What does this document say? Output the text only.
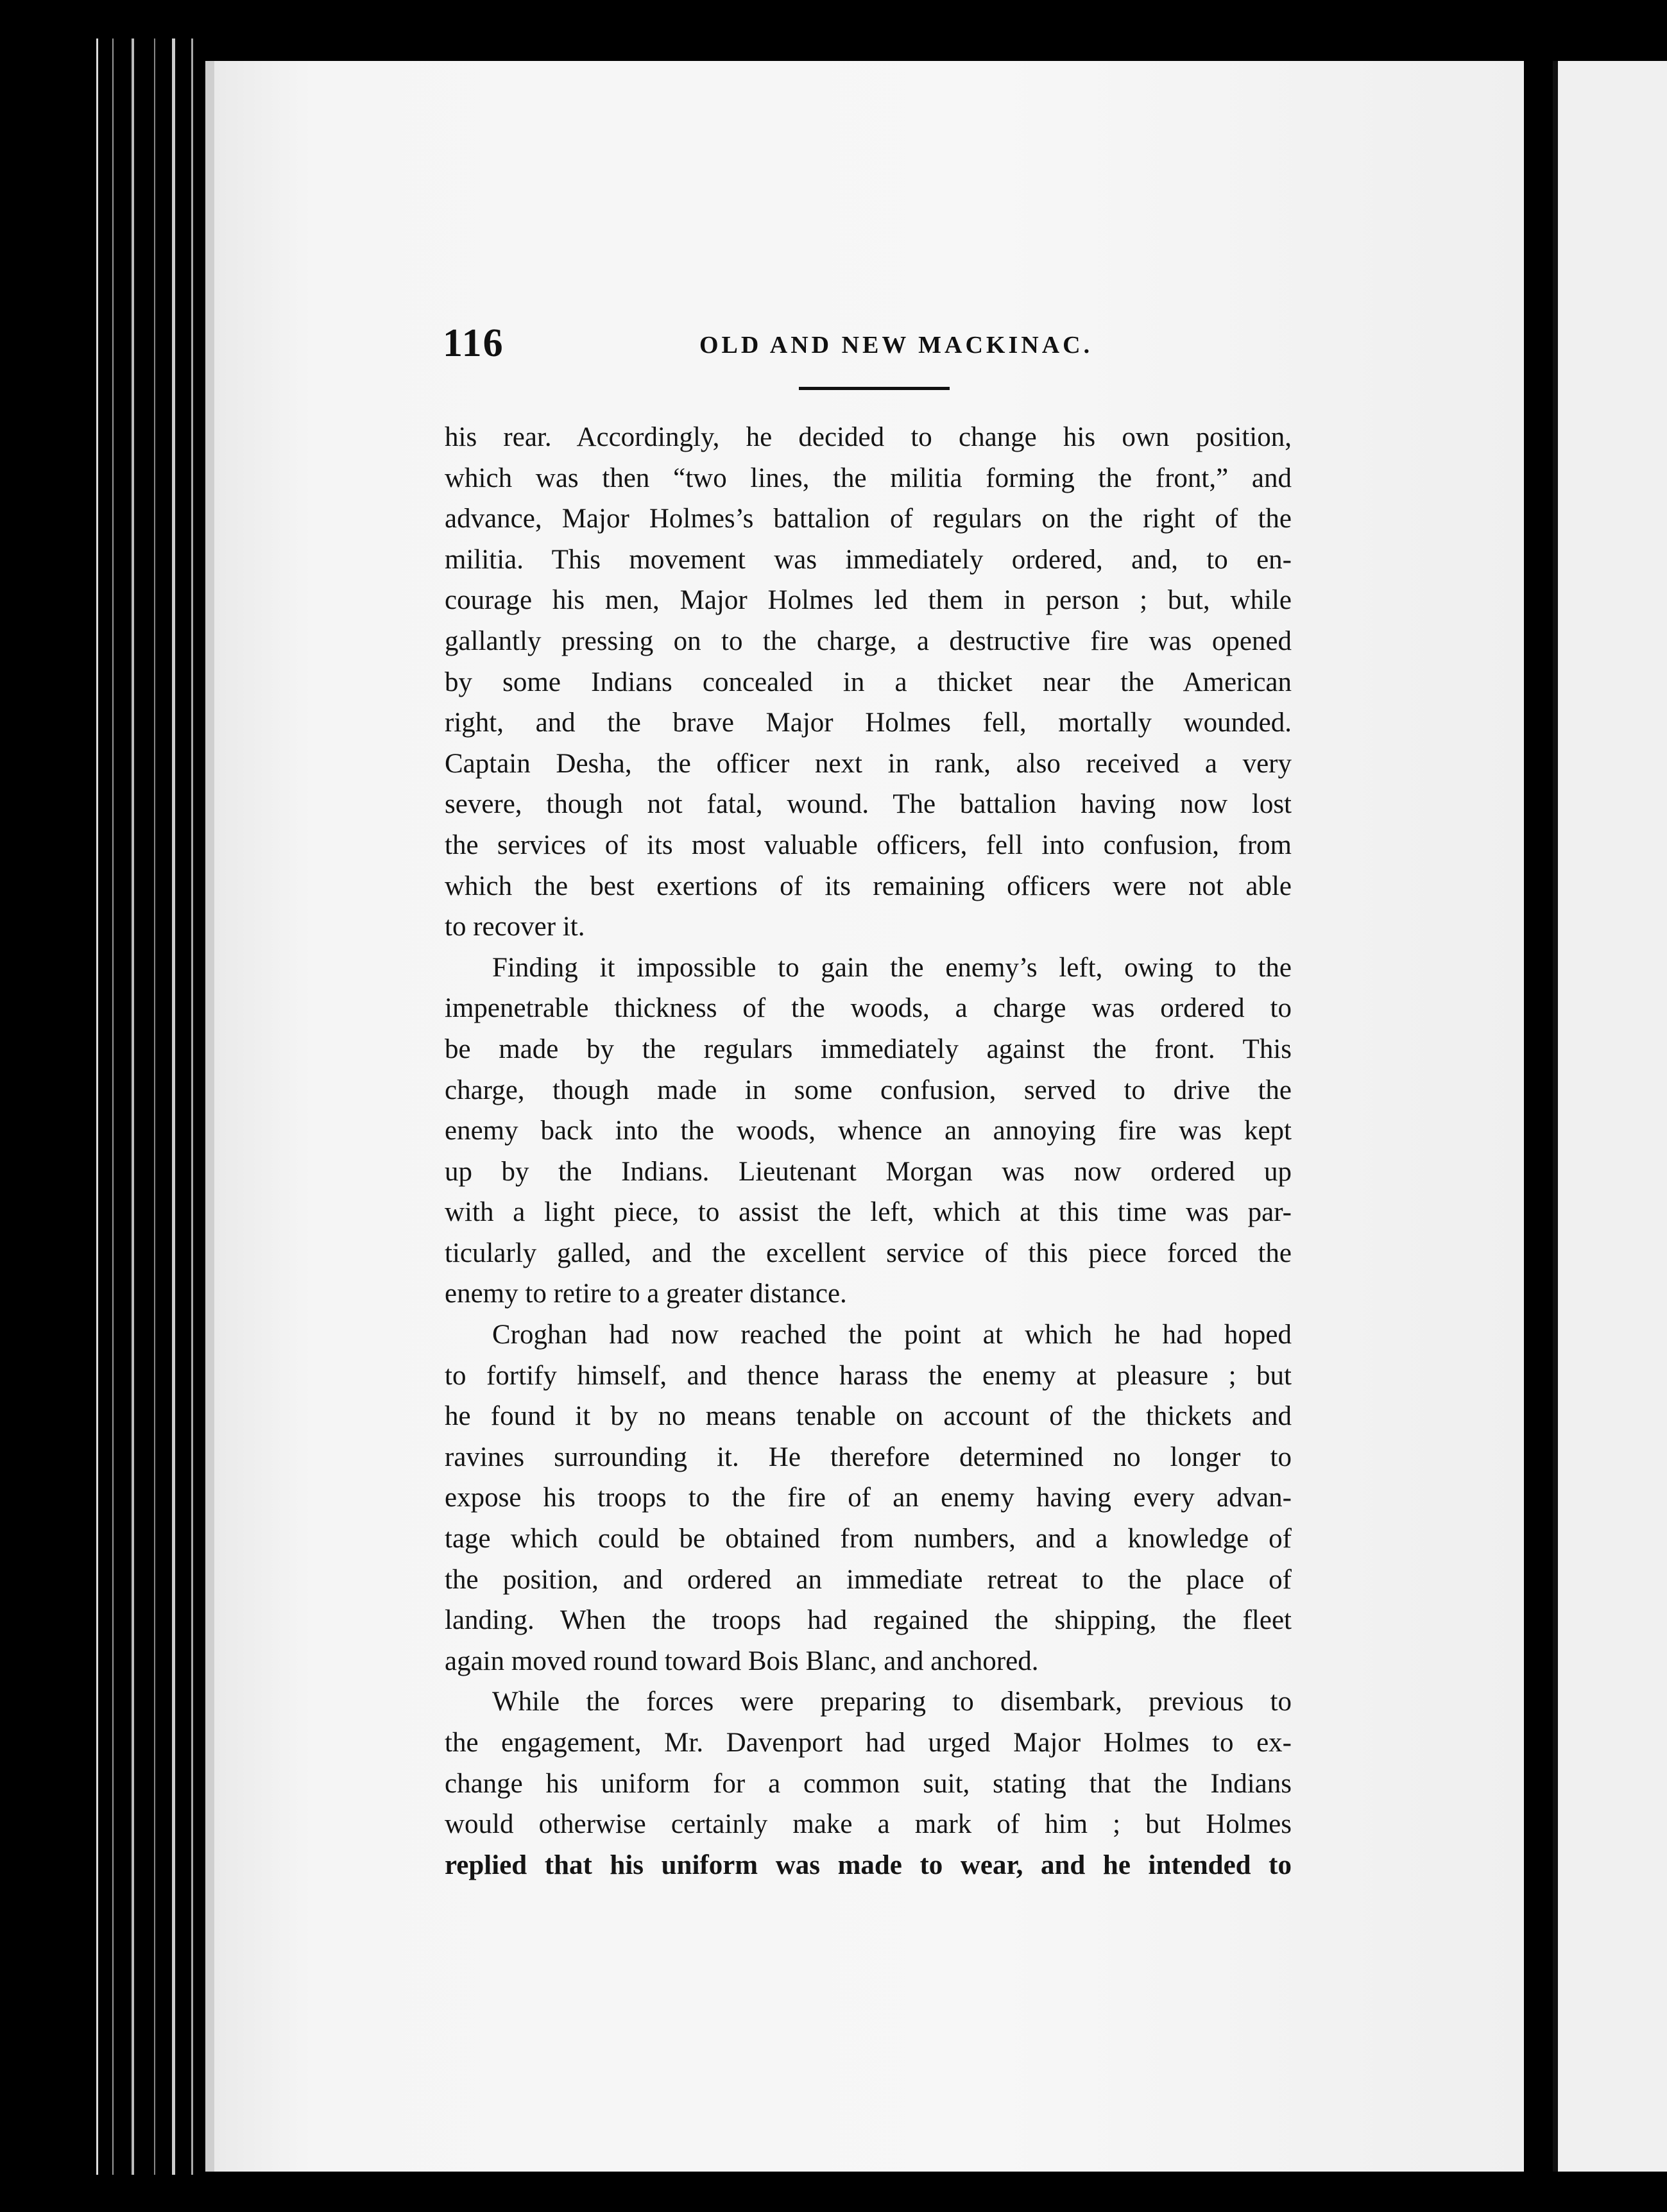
116	OLD AND NEW MACKINAC.
his rear. Accordingly, he decided to change his own position,
which was then “two lines, the militia forming the front,” and
advance, Major Holmes’s battalion of regulars on the right of the
militia. This movement was immediately ordered, and, to en-
courage his men, Major Holmes led them in person ; but, while
gallantly pressing on to the charge, a destructive fire was opened
by some Indians concealed in a thicket near the American
right, and the brave Major Holmes fell, mortally wounded.
Captain Desha, the officer next in rank, also received a very
severe, though not fatal, wound. The battalion having now lost
the services of its most valuable officers, fell into confusion, from
which the best exertions of its remaining officers were not able
to recover it.
Finding it impossible to gain the enemy’s left, owing to the
impenetrable thickness of the woods, a charge was ordered to
be made by the regulars immediately against the front. This
charge, though made in some confusion, served to drive the
enemy back into the woods, whence an annoying fire was kept
up by the Indians. Lieutenant Morgan was now ordered up
with a light piece, to assist the left, which at this time was par-
ticularly galled, and the excellent service of this piece forced the
enemy to retire to a greater distance.
Croghan had now reached the point at which he had hoped
to fortify himself, and thence harass the enemy at pleasure ; but
he found it by no means tenable on account of the thickets and
ravines surrounding it. He therefore determined no longer to
expose his troops to the fire of an enemy having every advan-
tage which could be obtained from numbers, and a knowledge of
the position, and ordered an immediate retreat to the place of
landing. When the troops had regained the shipping, the fleet
again moved round toward Bois Blanc, and anchored.
While the forces were preparing to disembark, previous to
the engagement, Mr. Davenport had urged Major Holmes to ex-
change his uniform for a common suit, stating that the Indians
would otherwise certainly make a mark of him ; but Holmes
replied that his uniform was made to wear, and he intended to
